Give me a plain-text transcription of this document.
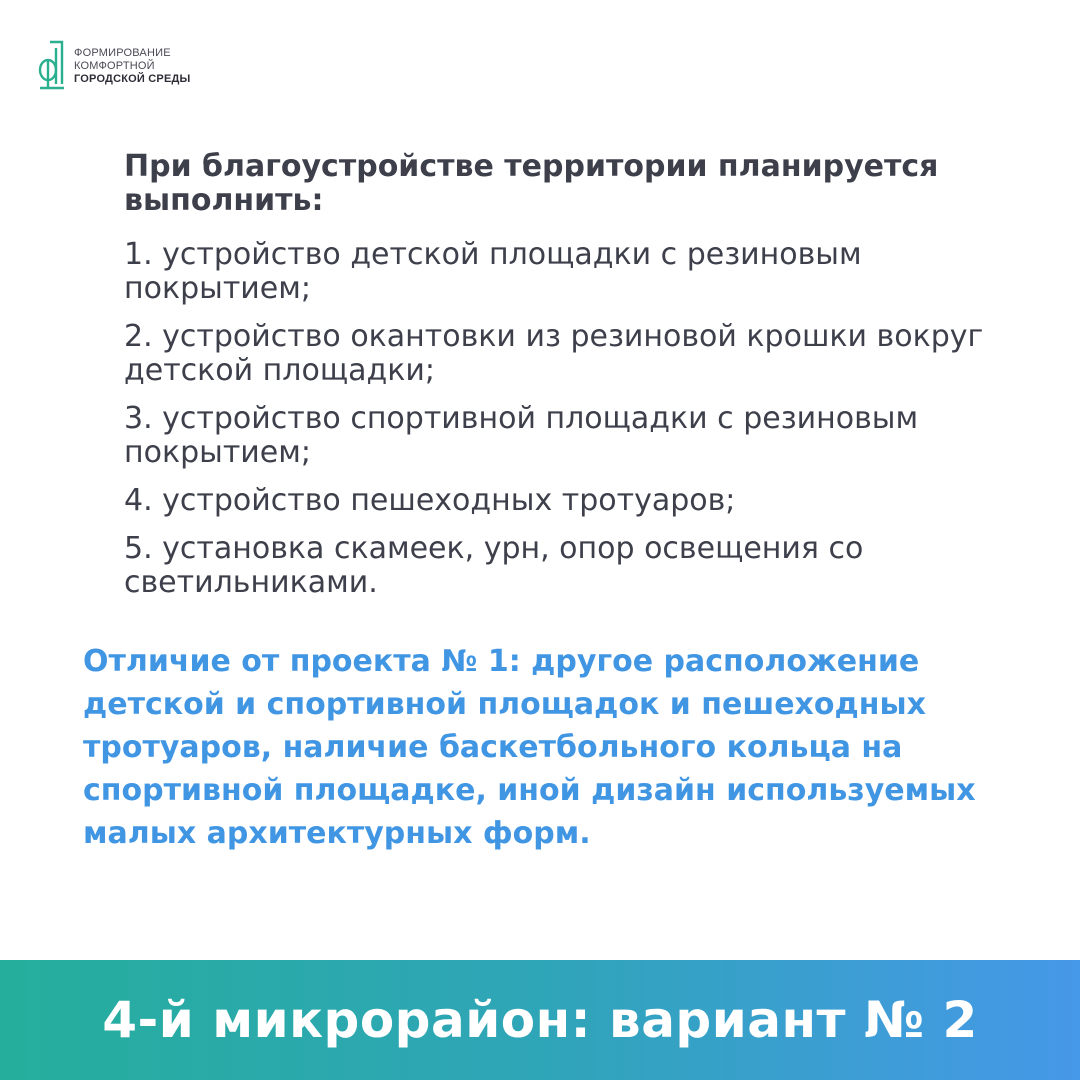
ФОРМИРОВАНИЕ
КОМФОРТНОЙ
ГОРОДСКОЙ СРЕДЫ

При благоустройстве территории планируется выполнить:

1. устройство детской площадки с резиновым покрытием;

2. устройство окантовки из резиновой крошки вокруг детской площадки;

3. устройство спортивной площадки с резиновым покрытием;

4. устройство пешеходных тротуаров;

5. установка скамеек, урн, опор освещения со светильниками.

Отличие от проекта № 1: другое расположение детской и спортивной площадок и пешеходных тротуаров, наличие баскетбольного кольца на спортивной площадке, иной дизайн используемых малых архитектурных форм.
4-й микрорайон: вариант № 2
